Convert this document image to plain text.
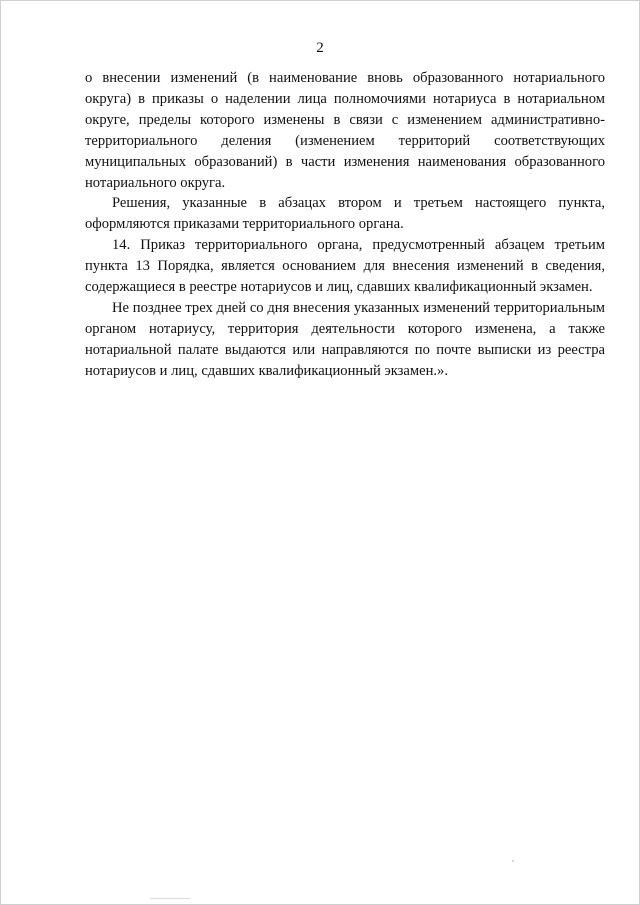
2
о внесении изменений (в наименование вновь образованного нотариального
округа) в приказы о наделении лица полномочиями нотариуса в нотариальном
округе, пределы которого изменены в связи с изменением административно-
территориального деления (изменением территорий соответствующих
муниципальных образований) в части изменения наименования образованного
нотариального округа.
Решения, указанные в абзацах втором и третьем настоящего пункта,
оформляются приказами территориального органа.
14. Приказ территориального органа, предусмотренный абзацем третьим
пункта 13 Порядка, является основанием для внесения изменений в сведения,
содержащиеся в реестре нотариусов и лиц, сдавших квалификационный экзамен.
Не позднее трех дней со дня внесения указанных изменений территориальным
органом нотариусу, территория деятельности которого изменена, а также
нотариальной палате выдаются или направляются по почте выписки из реестра
нотариусов и лиц, сдавших квалификационный экзамен.».
